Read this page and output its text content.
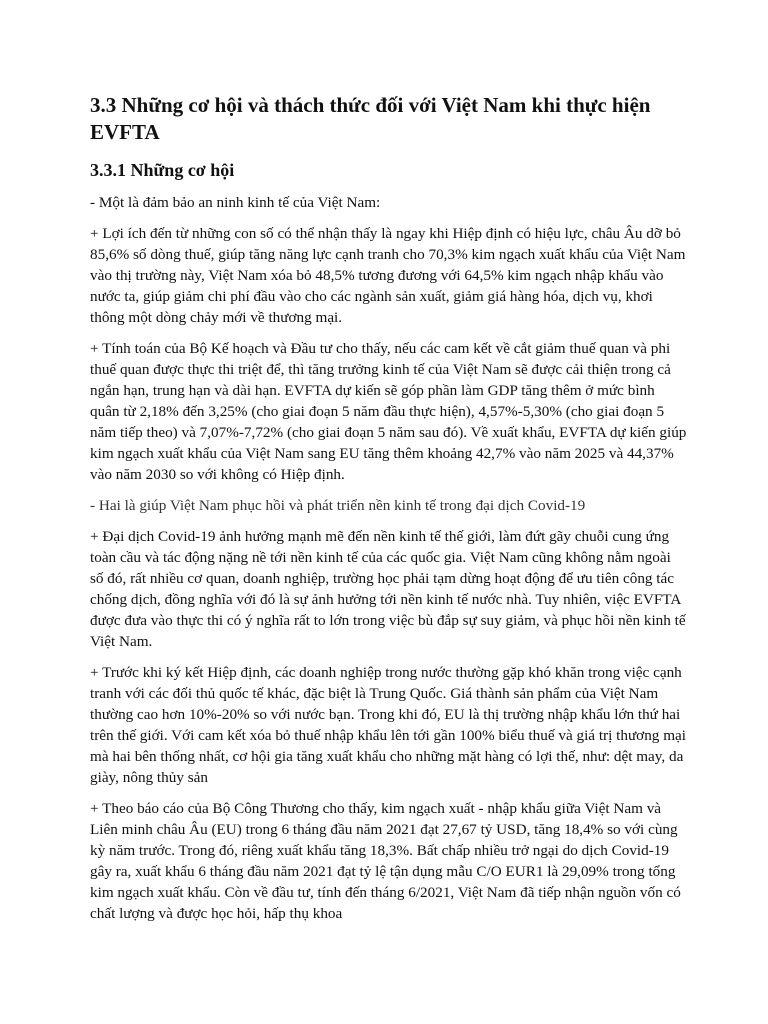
3.3 Những cơ hội và thách thức đối với Việt Nam khi thực hiện EVFTA
3.3.1 Những cơ hội

- Một là đảm bảo an ninh kinh tế của Việt Nam:

+ Lợi ích đến từ những con số có thể nhận thấy là ngay khi Hiệp định có hiệu lực, châu Âu dỡ bỏ 85,6% số dòng thuế, giúp tăng năng lực cạnh tranh cho 70,3% kim ngạch xuất khẩu của Việt Nam vào thị trường này, Việt Nam xóa bỏ 48,5% tương đương với 64,5% kim ngạch nhập khẩu vào nước ta, giúp giảm chi phí đầu vào cho các ngành sản xuất, giảm giá hàng hóa, dịch vụ, khơi thông một dòng chảy mới về thương mại.

+ Tính toán của Bộ Kế hoạch và Đầu tư cho thấy, nếu các cam kết về cắt giảm thuế quan và phi thuế quan được thực thi triệt để, thì tăng trưởng kinh tế của Việt Nam sẽ được cải thiện trong cả ngắn hạn, trung hạn và dài hạn. EVFTA dự kiến sẽ góp phần làm GDP tăng thêm ở mức bình quân từ 2,18% đến 3,25% (cho giai đoạn 5 năm đầu thực hiện), 4,57%-5,30% (cho giai đoạn 5 năm tiếp theo) và 7,07%-7,72% (cho giai đoạn 5 năm sau đó). Về xuất khẩu, EVFTA dự kiến giúp kim ngạch xuất khẩu của Việt Nam sang EU tăng thêm khoảng 42,7% vào năm 2025 và 44,37% vào năm 2030 so với không có Hiệp định.

- Hai là giúp Việt Nam phục hồi và phát triển nền kinh tế trong đại dịch Covid-19

+ Đại dịch Covid-19 ảnh hưởng mạnh mẽ đến nền kinh tế thế giới, làm đứt gãy chuỗi cung ứng toàn cầu và tác động nặng nề tới nền kinh tế của các quốc gia. Việt Nam cũng không nằm ngoài số đó, rất nhiều cơ quan, doanh nghiệp, trường học phải tạm dừng hoạt động để ưu tiên công tác chống dịch, đồng nghĩa với đó là sự ảnh hưởng tới nền kinh tế nước nhà. Tuy nhiên, việc EVFTA được đưa vào thực thi có ý nghĩa rất to lớn trong việc bù đắp sự suy giảm, và phục hồi nền kinh tế Việt Nam.

+ Trước khi ký kết Hiệp định, các doanh nghiệp trong nước thường gặp khó khăn trong việc cạnh tranh với các đối thủ quốc tế khác, đặc biệt là Trung Quốc. Giá thành sản phẩm của Việt Nam thường cao hơn 10%-20% so với nước bạn. Trong khi đó, EU là thị trường nhập khẩu lớn thứ hai trên thế giới. Với cam kết xóa bỏ thuế nhập khẩu lên tới gần 100% biểu thuế và giá trị thương mại mà hai bên thống nhất, cơ hội gia tăng xuất khẩu cho những mặt hàng có lợi thế, như: dệt may, da giày, nông thủy sản

+ Theo báo cáo của Bộ Công Thương cho thấy, kim ngạch xuất - nhập khẩu giữa Việt Nam và Liên minh châu Âu (EU) trong 6 tháng đầu năm 2021 đạt 27,67 tỷ USD, tăng 18,4% so với cùng kỳ năm trước. Trong đó, riêng xuất khẩu tăng 18,3%. Bất chấp nhiều trở ngại do dịch Covid-19 gây ra, xuất khẩu 6 tháng đầu năm 2021 đạt tỷ lệ tận dụng mẫu C/O EUR1 là 29,09% trong tổng kim ngạch xuất khẩu. Còn về đầu tư, tính đến tháng 6/2021, Việt Nam đã tiếp nhận nguồn vốn có chất lượng và được học hỏi, hấp thụ khoa
